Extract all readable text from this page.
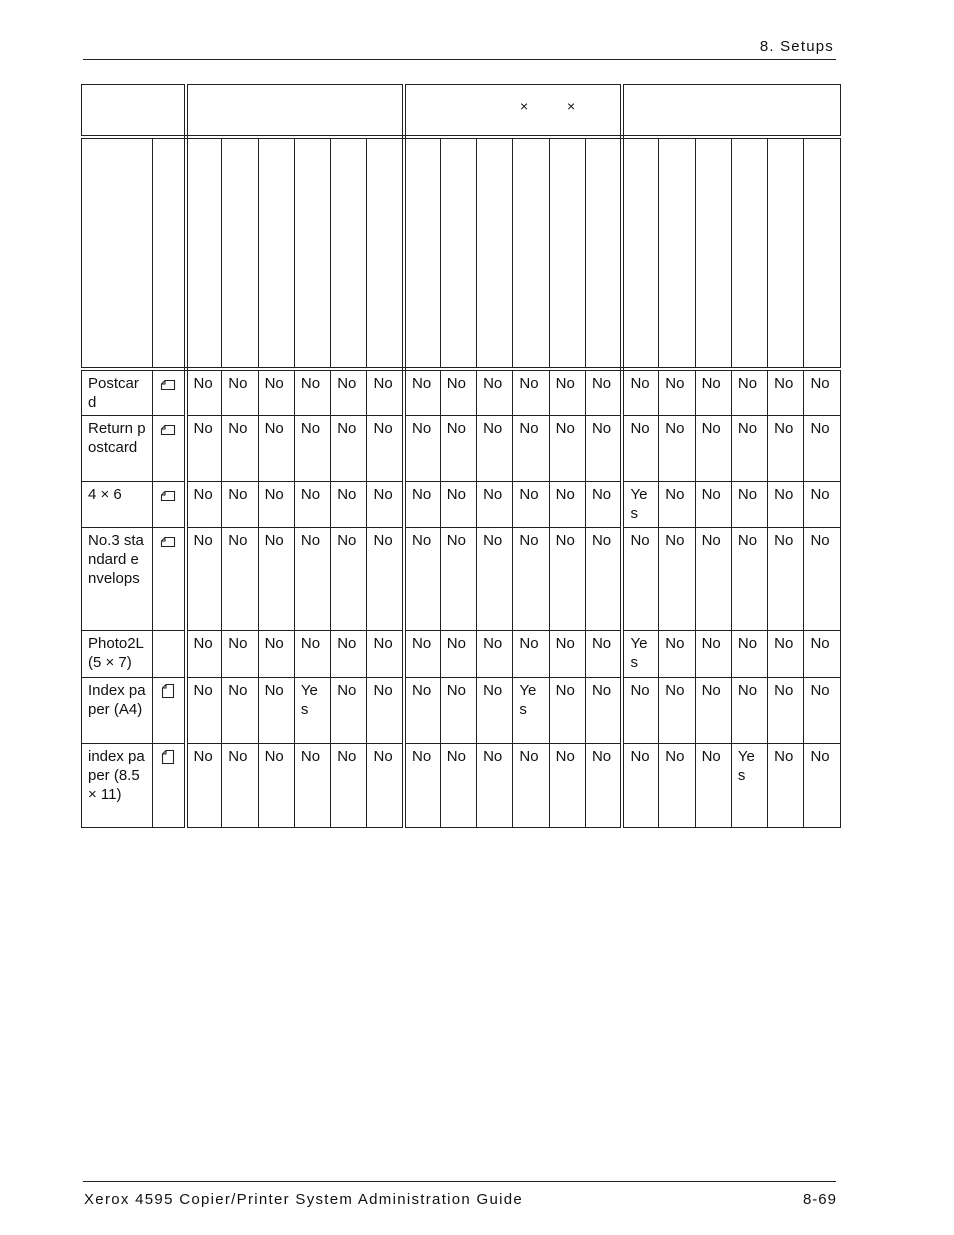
8. Setups

								× ×											

Postcard		No	No	No	No	No	No	No	No	No	No	No	No	No	No	No	No	No	No
Return postcard		No	No	No	No	No	No	No	No	No	No	No	No	No	No	No	No	No	No
4 × 6		No	No	No	No	No	No	No	No	No	No	No	No	Yes	No	No	No	No	No
No.3 standard envelops		No	No	No	No	No	No	No	No	No	No	No	No	No	No	No	No	No	No
Photo2L (5 × 7)		No	No	No	No	No	No	No	No	No	No	No	No	Yes	No	No	No	No	No
Index paper (A4)		No	No	No	Yes	No	No	No	No	No	Yes	No	No	No	No	No	No	No	No
index paper (8.5 × 11)		No	No	No	No	No	No	No	No	No	No	No	No	No	No	No	Yes	No	No
Xerox 4595 Copier/Printer System Administration Guide	8-69
